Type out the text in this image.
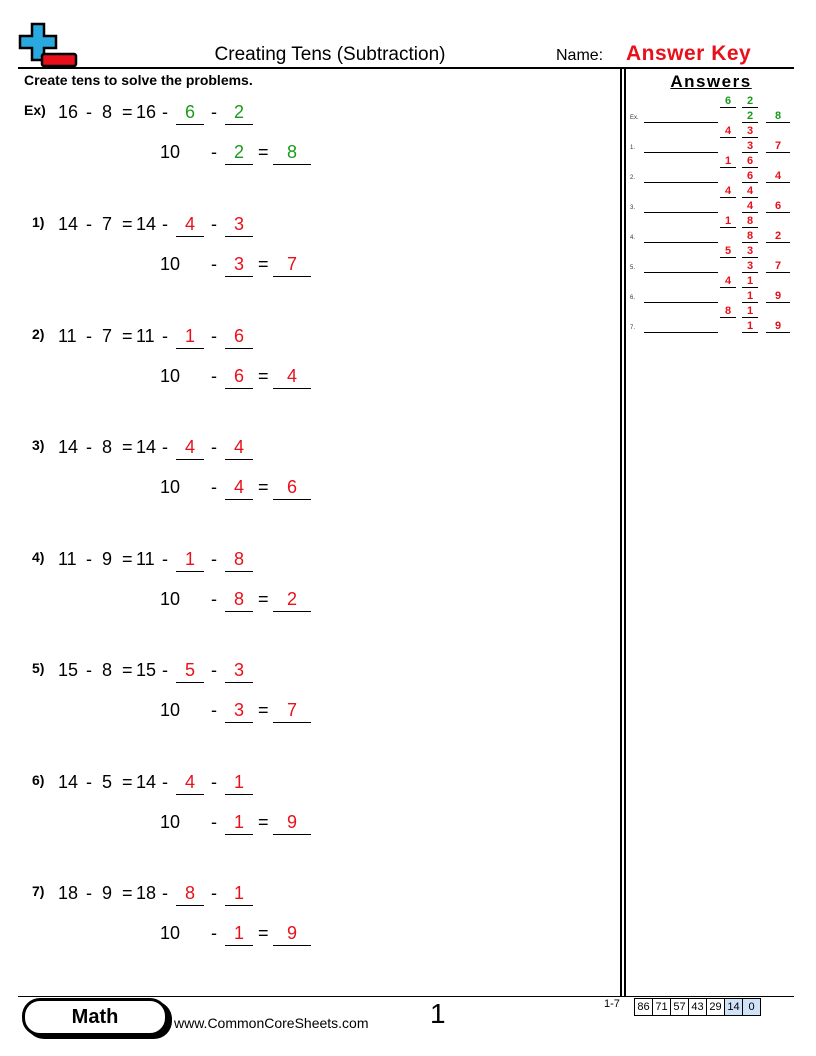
Creating Tens (Subtraction)	Name: Answer Key
Create tens to solve the problems.	Answers
Ex) 16 - 8 = 16 - 6 - 2
10 - 2 =	8
1) 14 - 7 = 14 - 4 - 3
10 - 3 =	7
2) 11 - 7 = 11 - 1 - 6
10 - 6 =	4
3) 14 - 8 = 14 - 4 - 4
10 - 4 =	6
4) 11 - 9 = 11 - 1 - 8
10 - 8 =	2
5) 15 - 8 = 15 - 5 - 3
10 - 3 =	7
6) 14 - 5 = 14 - 4 - 1
10 - 1 =	9
7) 18 - 9 = 18 - 8 - 1
10 - 1 =	9
Ex.
6	2
2	8
1.
4	3
3	7
2.
1	6
6	4
3.
4	4
4	6
4.
1	8
8	2
5.
5	3
3	7
6.
4	1
1	9
7.
8	1
1	9
Math	www.CommonCoreSheets.com 1	1-7 86 71 57 43 29 14 0
